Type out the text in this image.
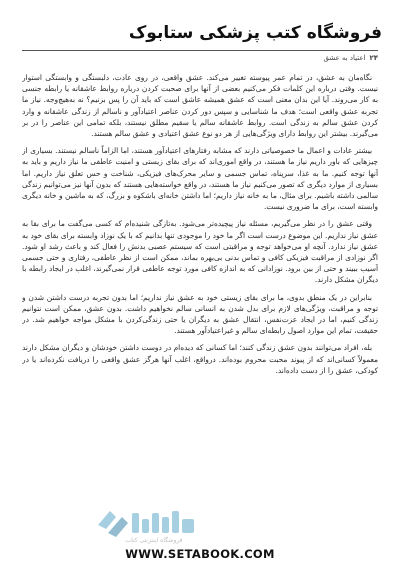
فروشگاه کتب پزشکی ستابوک
۲۴
اعتیاد به عشق

نگاه‌مان به عشق، در تمام عمر پیوسته تغییر می‌کند. عشق واقعی، در روی عادت، دلبستگی و وابستگی استوار نیست. وقتی درباره این کلمات فکر می‌کنیم بعضی از آنها برای صحبت کردن درباره روابط عاشقانه یا رابطه جنسی به کار می‌روند. آیا این بدان معنی است که عشق همیشه عاشق است که باید آن را پس بزنیم؟ نه به‌هیچ‌وجه. نیاز ما تجربه عشق واقعی است؛ هدف ما شناسایی و سپس دور کردن عناصر اعتیادآور و ناسالم از زندگی عاشقانه و وارد کردن عشق سالم به زندگی است. روابط عاشقانه سالم یا سقیم مطلق نیستند، بلکه تمامی این عناصر را در بر می‌گیرند. بیشتر این روابط دارای ویژگی‌هایی از هر دو نوع عشق اعتیادی و عشق سالم هستند.

بیشتر عادات و اعمال ما خصوصیاتی دارند که مشابه رفتارهای اعتیادآور هستند، اما الزاماً ناسالم نیستند. بسیاری از چیزهایی که باور داریم نیاز ما هستند، در واقع اموری‌اند که برای بقای زیستی و امنیت عاطفی ما نیاز داریم و باید به آنها توجه کنیم. ما به غذا، سرپناه، تماس جسمی و سایر محرک‌های فیزیکی، شناخت و حس تعلق نیاز داریم. اما بسیاری از موارد دیگری که تصور می‌کنیم نیاز ما هستند، در واقع خواسته‌هایی هستند که بدون آنها نیز می‌توانیم زندگی سالمی داشته باشیم. برای مثال، ما به خانه نیاز داریم؛ اما داشتن خانه‌ای باشکوه و بزرگ، که به ماشین و خانه دیگری وابسته است، برای ما ضروری نیست.

وقتی عشق را در نظر می‌گیریم، مسئله نیاز پیچیده‌تر می‌شود. به‌تازگی شنیده‌ام که کسی می‌گفت ما برای بقا به عشق نیاز نداریم. این موضوع درست است اگر ما خود را موجودی تنها بدانیم که با یک نوزاد وابسته برای بقای خود به عشق نیاز ندارد. آنچه او می‌خواهد توجه و مراقبتی است که سیستم عصبی بدنش را فعال کند و باعث رشد او شود. اگر نوزادی از مراقبت فیزیکی کافی و تماس بدنی بی‌بهره بماند، ممکن است از نظر عاطفی، رفتاری و حتی جسمی آسیب ببیند و حتی از بین برود. نوزادانی که به اندازه کافی مورد توجه عاطفی قرار نمی‌گیرند، اغلب در ایجاد رابطه با دیگران مشکل دارند.

بنابراین در یک منطق بدوی، ما برای بقای زیستی خود به عشق نیاز نداریم؛ اما بدون تجربه درست داشتن شدن و توجه و مراقبت، ویژگی‌های لازم برای بدل شدن به انسانی سالم نخواهیم داشت. بدون عشق، ممکن است نتوانیم زندگی کنیم، اما در ایجاد عزت‌نفس، انتقال عشق به دیگران یا حتی زندگی‌کردن با مشکل مواجه خواهیم شد. در حقیقت، تمام این موارد اصول رابطه‌ای سالم و غیراعتیادآور هستند.

بله، افراد می‌توانند بدون عشق زندگی کنند؛ اما کسانی که دیده‌ام در دوست داشتن خودشان و دیگران مشکل دارند معمولاً کسانی‌اند که از پیوند محبت محروم بوده‌اند. درواقع، اغلب آنها هرگز عشق واقعی را دریافت نکرده‌اند یا در کودکی، عشق را از دست داده‌اند.

فروشگاه اینترنتی کتاب
WWW.SETABOOK.COM
